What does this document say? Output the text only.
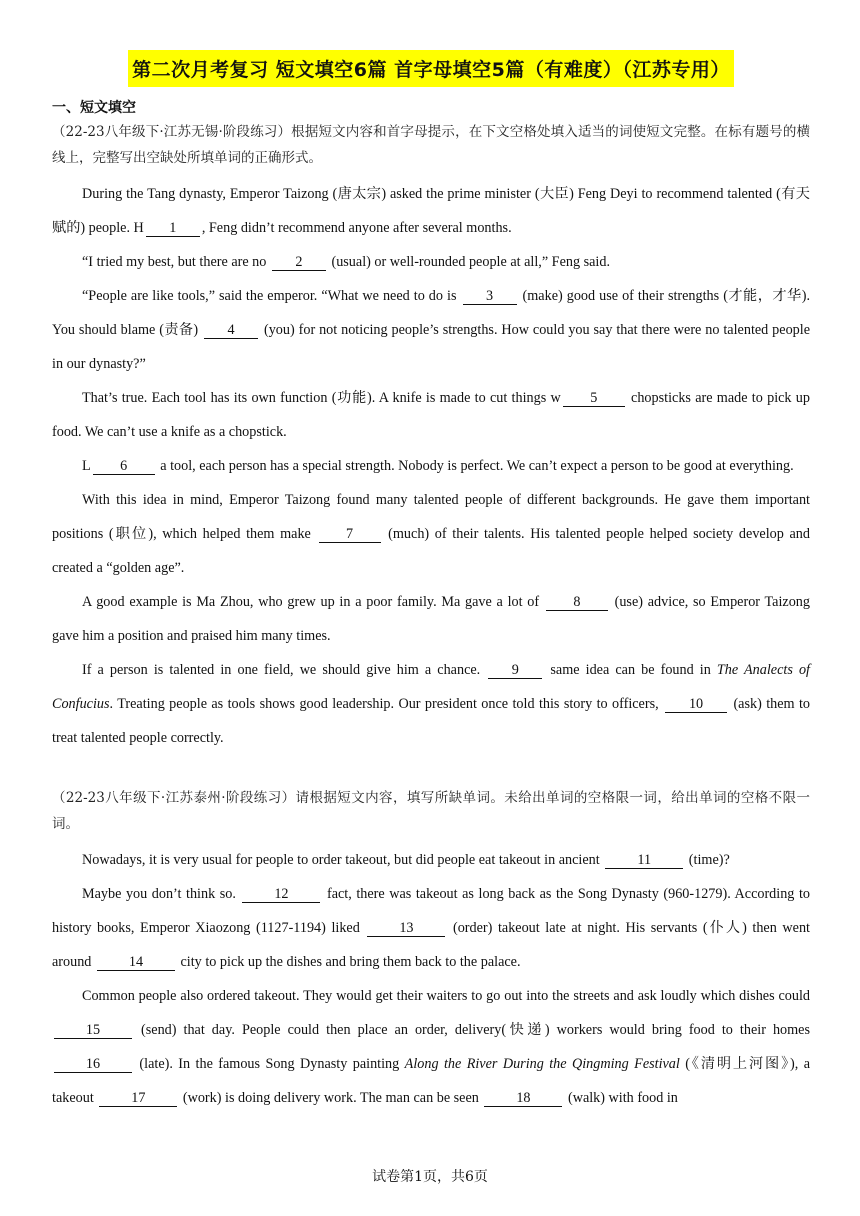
第二次月考复习 短文填空6篇 首字母填空5篇（有难度）（江苏专用）
一、短文填空

（22-23八年级下·江苏无锡·阶段练习）根据短文内容和首字母提示，在下文空格处填入适当的词使短文完整。在标有题号的横线上，完整写出空缺处所填单词的正确形式。

During the Tang dynasty, Emperor Taizong (唐太宗) asked the prime minister (大臣) Feng Deyi to recommend talented (有天赋的) people. H 1 , Feng didn’t recommend anyone after several months.

“I tried my best, but there are no 2 (usual) or well-rounded people at all,” Feng said.

“People are like tools,” said the emperor. “What we need to do is 3 (make) good use of their strengths (才能，才华). You should blame (责备) 4 (you) for not noticing people’s strengths. How could you say that there were no talented people in our dynasty?”

That’s true. Each tool has its own function (功能). A knife is made to cut things w 5 chopsticks are made to pick up food. We can’t use a knife as a chopstick.

L 6 a tool, each person has a special strength. Nobody is perfect. We can’t expect a person to be good at everything.

With this idea in mind, Emperor Taizong found many talented people of different backgrounds. He gave them important positions (职位), which helped them make 7 (much) of their talents. His talented people helped society develop and created a “golden age”.

A good example is Ma Zhou, who grew up in a poor family. Ma gave a lot of 8 (use) advice, so Emperor Taizong gave him a position and praised him many times.

If a person is talented in one field, we should give him a chance. 9 same idea can be found in The Analects of Confucius. Treating people as tools shows good leadership. Our president once told this story to officers, 10 (ask) them to treat talented people correctly.

（22-23八年级下·江苏泰州·阶段练习）请根据短文内容，填写所缺单词。未给出单词的空格限一词，给出单词的空格不限一词。

Nowadays, it is very usual for people to order takeout, but did people eat takeout in ancient 11 (time)?

Maybe you don’t think so. 12 fact, there was takeout as long back as the Song Dynasty (960-1279). According to history books, Emperor Xiaozong (1127-1194) liked 13 (order) takeout late at night. His servants (仆人) then went around 14 city to pick up the dishes and bring them back to the palace.

Common people also ordered takeout. They would get their waiters to go out into the streets and ask loudly which dishes could 15 (send) that day. People could then place an order, delivery(快递) workers would bring food to their homes 16 (late). In the famous Song Dynasty painting Along the River During the Qingming Festival (《清明上河图》), a takeout 17 (work) is doing delivery work. The man can be seen 18 (walk) with food in

试卷第1页，共6页
